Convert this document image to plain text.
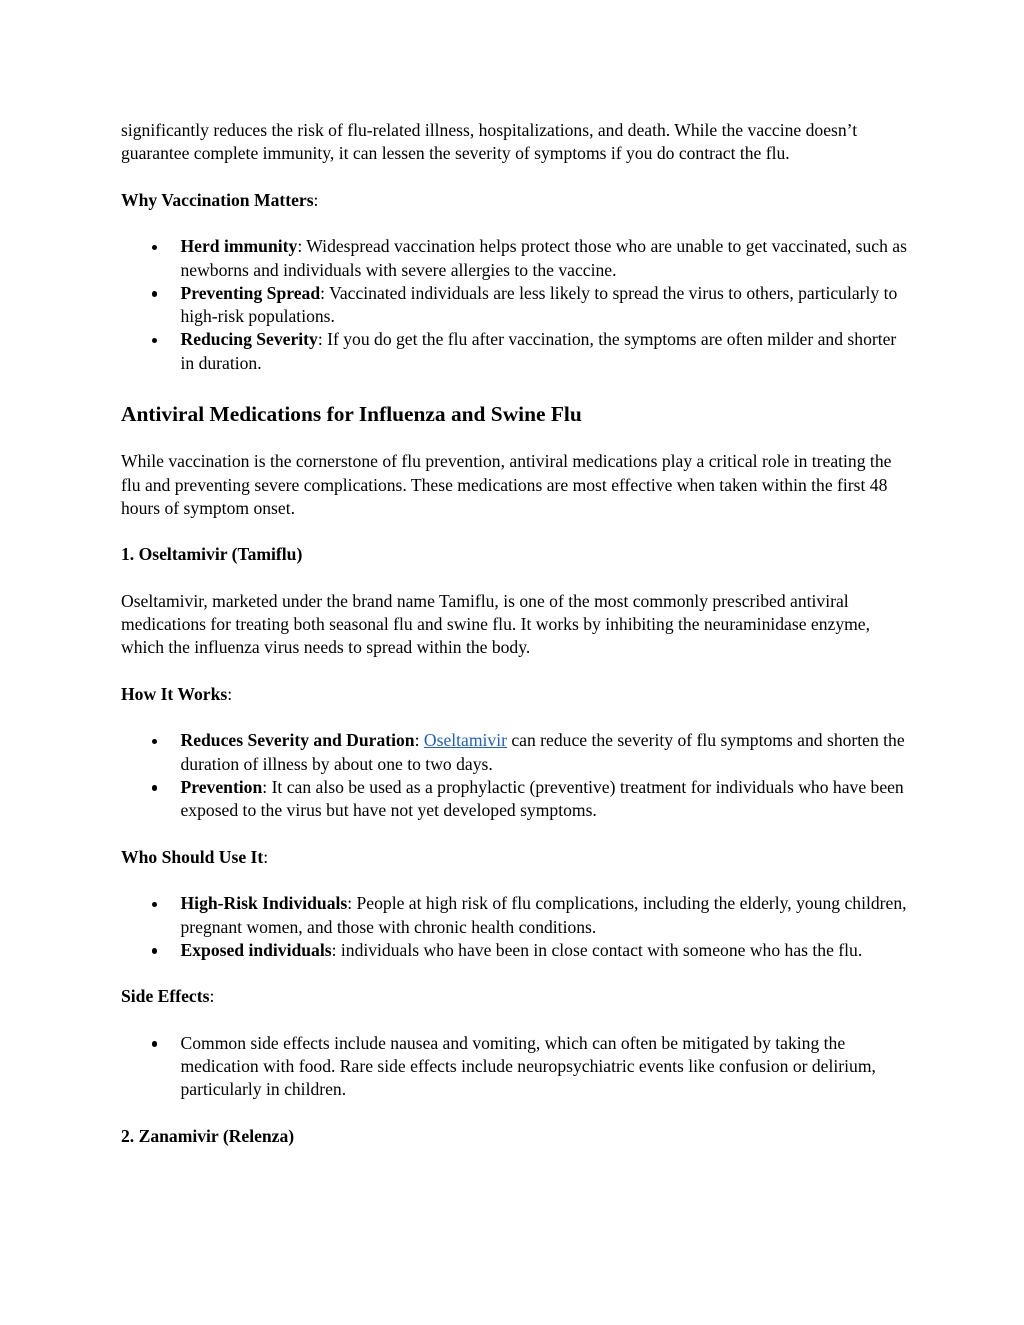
significantly reduces the risk of flu-related illness, hospitalizations, and death. While the vaccine doesn’t guarantee complete immunity, it can lessen the severity of symptoms if you do contract the flu.

Why Vaccination Matters:

Herd immunity: Widespread vaccination helps protect those who are unable to get vaccinated, such as newborns and individuals with severe allergies to the vaccine.
Preventing Spread: Vaccinated individuals are less likely to spread the virus to others, particularly to high-risk populations.
Reducing Severity: If you do get the flu after vaccination, the symptoms are often milder and shorter in duration.
Antiviral Medications for Influenza and Swine Flu

While vaccination is the cornerstone of flu prevention, antiviral medications play a critical role in treating the flu and preventing severe complications. These medications are most effective when taken within the first 48 hours of symptom onset.

1. Oseltamivir (Tamiflu)

Oseltamivir, marketed under the brand name Tamiflu, is one of the most commonly prescribed antiviral medications for treating both seasonal flu and swine flu. It works by inhibiting the neuraminidase enzyme, which the influenza virus needs to spread within the body.

How It Works:

Reduces Severity and Duration: Oseltamivir can reduce the severity of flu symptoms and shorten the duration of illness by about one to two days.
Prevention: It can also be used as a prophylactic (preventive) treatment for individuals who have been exposed to the virus but have not yet developed symptoms.

Who Should Use It:

High-Risk Individuals: People at high risk of flu complications, including the elderly, young children, pregnant women, and those with chronic health conditions.
Exposed individuals: individuals who have been in close contact with someone who has the flu.

Side Effects:

Common side effects include nausea and vomiting, which can often be mitigated by taking the medication with food. Rare side effects include neuropsychiatric events like confusion or delirium, particularly in children.

2. Zanamivir (Relenza)
